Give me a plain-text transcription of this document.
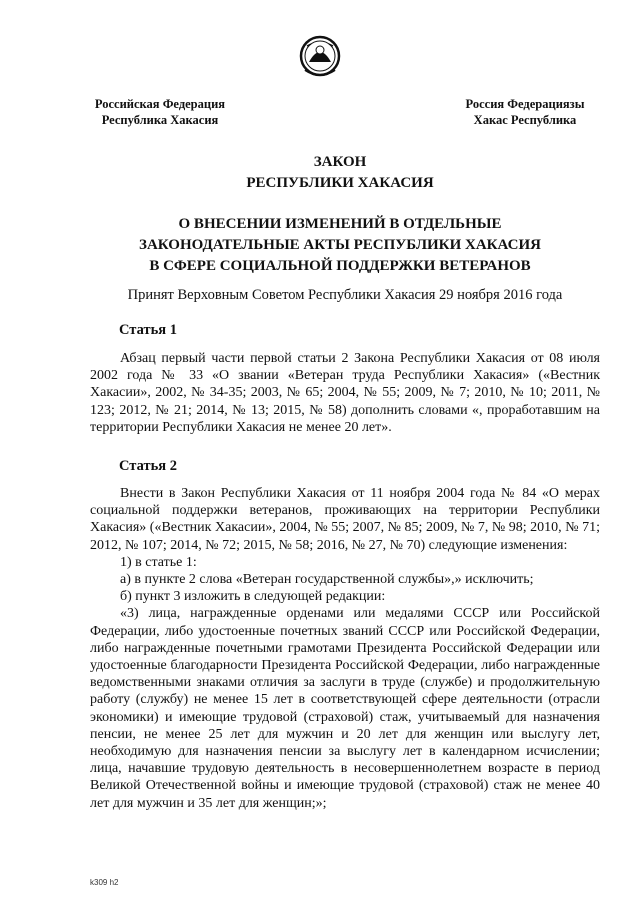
Российская Федерация
Республика Хакасия
Россия Федерациязы
Хакас Республика
ЗАКОН
РЕСПУБЛИКИ ХАКАСИЯ
О ВНЕСЕНИИ ИЗМЕНЕНИЙ В ОТДЕЛЬНЫЕ
ЗАКОНОДАТЕЛЬНЫЕ АКТЫ РЕСПУБЛИКИ ХАКАСИЯ
В СФЕРЕ СОЦИАЛЬНОЙ ПОДДЕРЖКИ ВЕТЕРАНОВ
Принят Верховным Советом Республики Хакасия 29 ноября 2016 года
Статья 1

Абзац первый части первой статьи 2 Закона Республики Хакасия от 08 июля 2002 года № 33 «О звании «Ветеран труда Республики Хакасия» («Вестник Хакасии», 2002, № 34-35; 2003, № 65; 2004, № 55; 2009, № 7; 2010, № 10; 2011, № 123; 2012, № 21; 2014, № 13; 2015, № 58) дополнить словами «, проработавшим на территории Республики Хакасия не менее 20 лет».

Статья 2

Внести в Закон Республики Хакасия от 11 ноября 2004 года № 84 «О мерах социальной поддержки ветеранов, проживающих на территории Республики Хакасия» («Вестник Хакасии», 2004, № 55; 2007, № 85; 2009, № 7, № 98; 2010, № 71; 2012, № 107; 2014, № 72; 2015, № 58; 2016, № 27, № 70) следующие изменения:

1) в статье 1:

а) в пункте 2 слова «Ветеран государственной службы»,» исключить;

б) пункт 3 изложить в следующей редакции:

«3) лица, награжденные орденами или медалями СССР или Российской Федерации, либо удостоенные почетных званий СССР или Российской Федерации, либо награжденные почетными грамотами Президента Российской Федерации или удостоенные благодарности Президента Российской Федерации, либо награжденные ведомственными знаками отличия за заслуги в труде (службе) и продолжительную работу (службу) не менее 15 лет в соответствующей сфере деятельности (отрасли экономики) и имеющие трудовой (страховой) стаж, учитываемый для назначения пенсии, не менее 25 лет для мужчин и 20 лет для женщин или выслугу лет, необходимую для назначения пенсии за выслугу лет в календарном исчислении; лица, начавшие трудовую деятельность в несовершеннолетнем возрасте в период Великой Отечественной войны и имеющие трудовой (страховой) стаж не менее 40 лет для мужчин и 35 лет для женщин;»;

k309 h2
